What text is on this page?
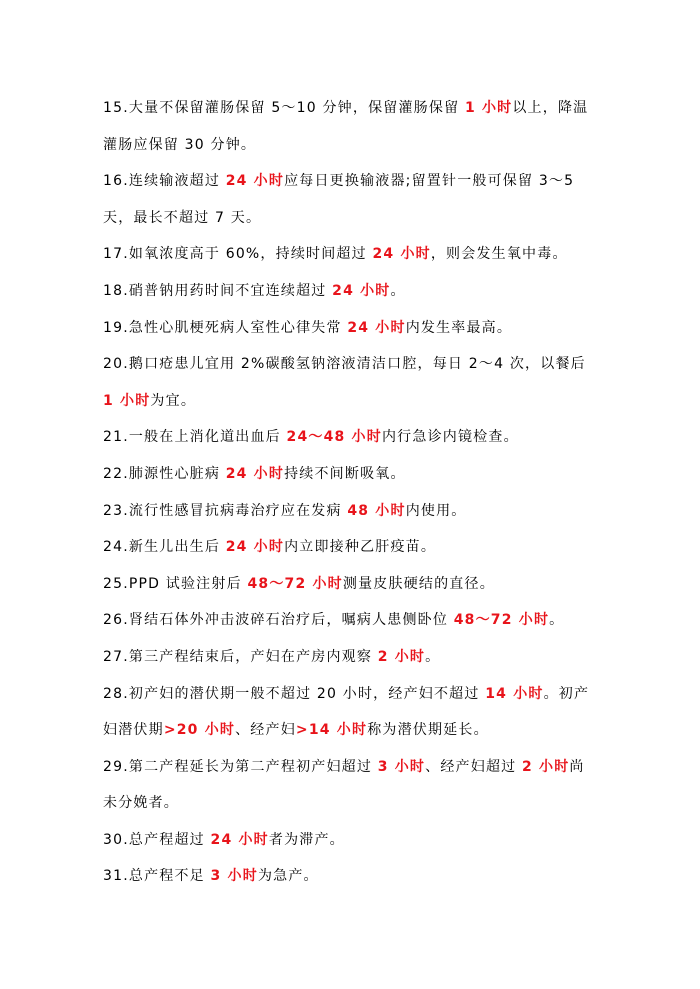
15.大量不保留灌肠保留 5～10 分钟，保留灌肠保留 1 小时以上，降温灌肠应保留 30 分钟。

16.连续输液超过 24 小时应每日更换输液器;留置针一般可保留 3～5 天，最长不超过 7 天。

17.如氧浓度高于 60%，持续时间超过 24 小时，则会发生氧中毒。

18.硝普钠用药时间不宜连续超过 24 小时。

19.急性心肌梗死病人室性心律失常 24 小时内发生率最高。

20.鹅口疮患儿宜用 2%碳酸氢钠溶液清洁口腔，每日 2～4 次，以餐后 1 小时为宜。

21.一般在上消化道出血后 24～48 小时内行急诊内镜检查。

22.肺源性心脏病 24 小时持续不间断吸氧。

23.流行性感冒抗病毒治疗应在发病 48 小时内使用。

24.新生儿出生后 24 小时内立即接种乙肝疫苗。

25.PPD 试验注射后 48～72 小时测量皮肤硬结的直径。

26.肾结石体外冲击波碎石治疗后，嘱病人患侧卧位 48～72 小时。

27.第三产程结束后，产妇在产房内观察 2 小时。

28.初产妇的潜伏期一般不超过 20 小时，经产妇不超过 14 小时。初产妇潜伏期>20 小时、经产妇>14 小时称为潜伏期延长。

29.第二产程延长为第二产程初产妇超过 3 小时、经产妇超过 2 小时尚未分娩者。

30.总产程超过 24 小时者为滞产。

31.总产程不足 3 小时为急产。
